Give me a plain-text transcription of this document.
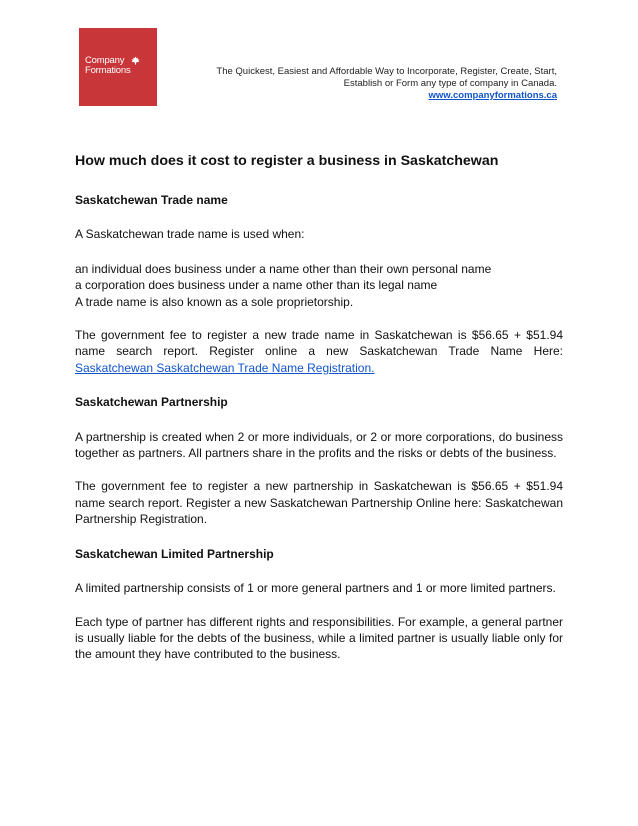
Company
Formations	The Quickest, Easiest and Affordable Way to Incorporate, Register, Create, Start,
Establish or Form any type of company in Canada.
www.companyformations.ca

How much does it cost to register a business in Saskatchewan

Saskatchewan Trade name

A Saskatchewan trade name is used when:

an individual does business under a name other than their own personal name

a corporation does business under a name other than its legal name

A trade name is also known as a sole proprietorship.

The government fee to register a new trade name in Saskatchewan is $56.65 + $51.94 name search report. Register online a new Saskatchewan Trade Name Here: Saskatchewan Saskatchewan Trade Name Registration.

Saskatchewan Partnership

A partnership is created when 2 or more individuals, or 2 or more corporations, do business together as partners. All partners share in the profits and the risks or debts of the business.

The government fee to register a new partnership in Saskatchewan is $56.65 + $51.94 name search report. Register a new Saskatchewan Partnership Online here: Saskatchewan Partnership Registration.

Saskatchewan Limited Partnership

A limited partnership consists of 1 or more general partners and 1 or more limited partners.

Each type of partner has different rights and responsibilities. For example, a general partner is usually liable for the debts of the business, while a limited partner is usually liable only for the amount they have contributed to the business.
